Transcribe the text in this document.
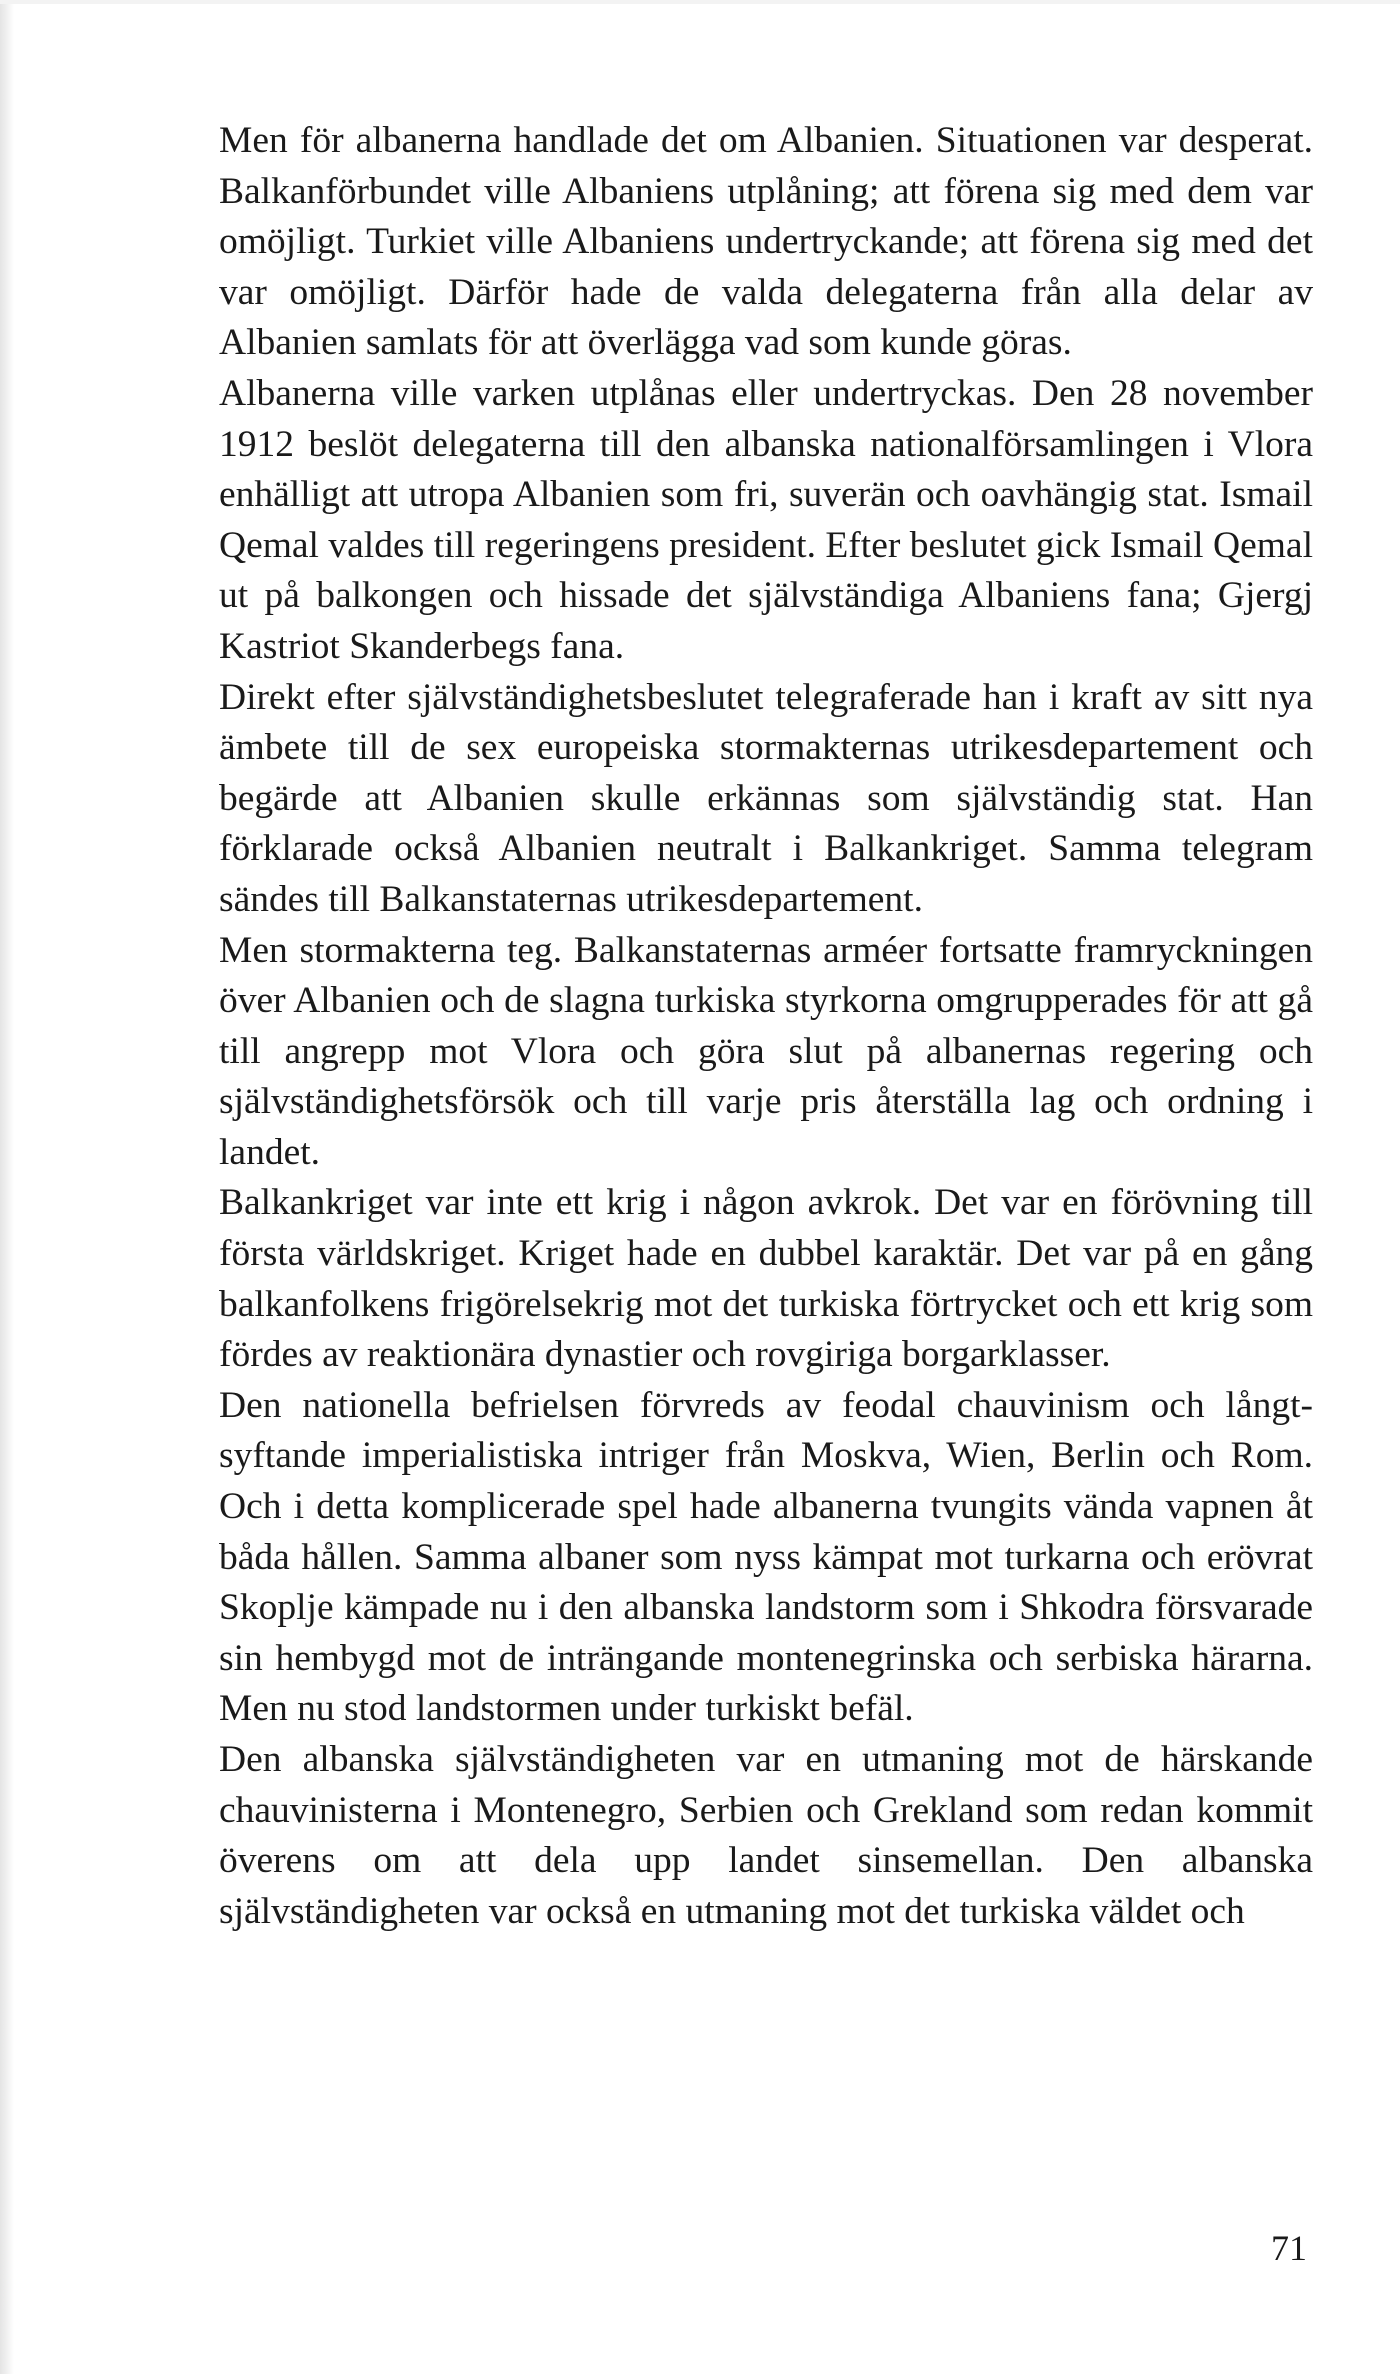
Men för albanerna handlade det om Albanien. Situationen var desperat. Balkanförbundet ville Albaniens utplåning; att förena sig med dem var omöjligt. Turkiet ville Albaniens undertryckande; att förena sig med det var omöjligt. Därför hade de valda delegaterna från alla delar av Albanien samlats för att överlägga vad som kunde göras.

Albanerna ville varken utplånas eller undertryckas. Den 28 november 1912 beslöt delegaterna till den albanska nationalförsamlingen i Vlora enhälligt att utropa Albanien som fri, suverän och oavhängig stat. Ismail Qemal valdes till regeringens president. Efter beslutet gick Ismail Qemal ut på balkongen och hissade det självständiga Albaniens fana; Gjergj Kastriot Skanderbegs fana.

Direkt efter självständighetsbeslutet telegraferade han i kraft av sitt nya ämbete till de sex europeiska stormakternas utrikesdepartement och begärde att Albanien skulle erkännas som självständig stat. Han förklarade också Albanien neutralt i Balkankriget. Samma telegram sändes till Balkanstaternas utrikesdepartement.

Men stormakterna teg. Balkanstaternas arméer fortsatte framryckningen över Albanien och de slagna turkiska styrkorna omgrupperades för att gå till angrepp mot Vlora och göra slut på albanernas regering och självständighetsförsök och till varje pris återställa lag och ordning i landet.

Balkankriget var inte ett krig i någon avkrok. Det var en förövning till första världskriget. Kriget hade en dubbel karaktär. Det var på en gång balkanfolkens frigörelsekrig mot det turkiska förtrycket och ett krig som fördes av reaktionära dynastier och rovgiriga borgarklasser.

Den nationella befrielsen förvreds av feodal chauvinism och långtsyftande imperialistiska intriger från Moskva, Wien, Berlin och Rom. Och i detta komplicerade spel hade albanerna tvungits vända vapnen åt båda hållen. Samma albaner som nyss kämpat mot turkarna och erövrat Skoplje kämpade nu i den albanska landstorm som i Shkodra försvarade sin hembygd mot de inträngande montenegrinska och serbiska härarna. Men nu stod landstormen under turkiskt befäl.

Den albanska självständigheten var en utmaning mot de härskande chauvinisterna i Montenegro, Serbien och Grekland som redan kommit överens om att dela upp landet sinsemellan. Den albanska självständigheten var också en utmaning mot det turkiska väldet och

71
